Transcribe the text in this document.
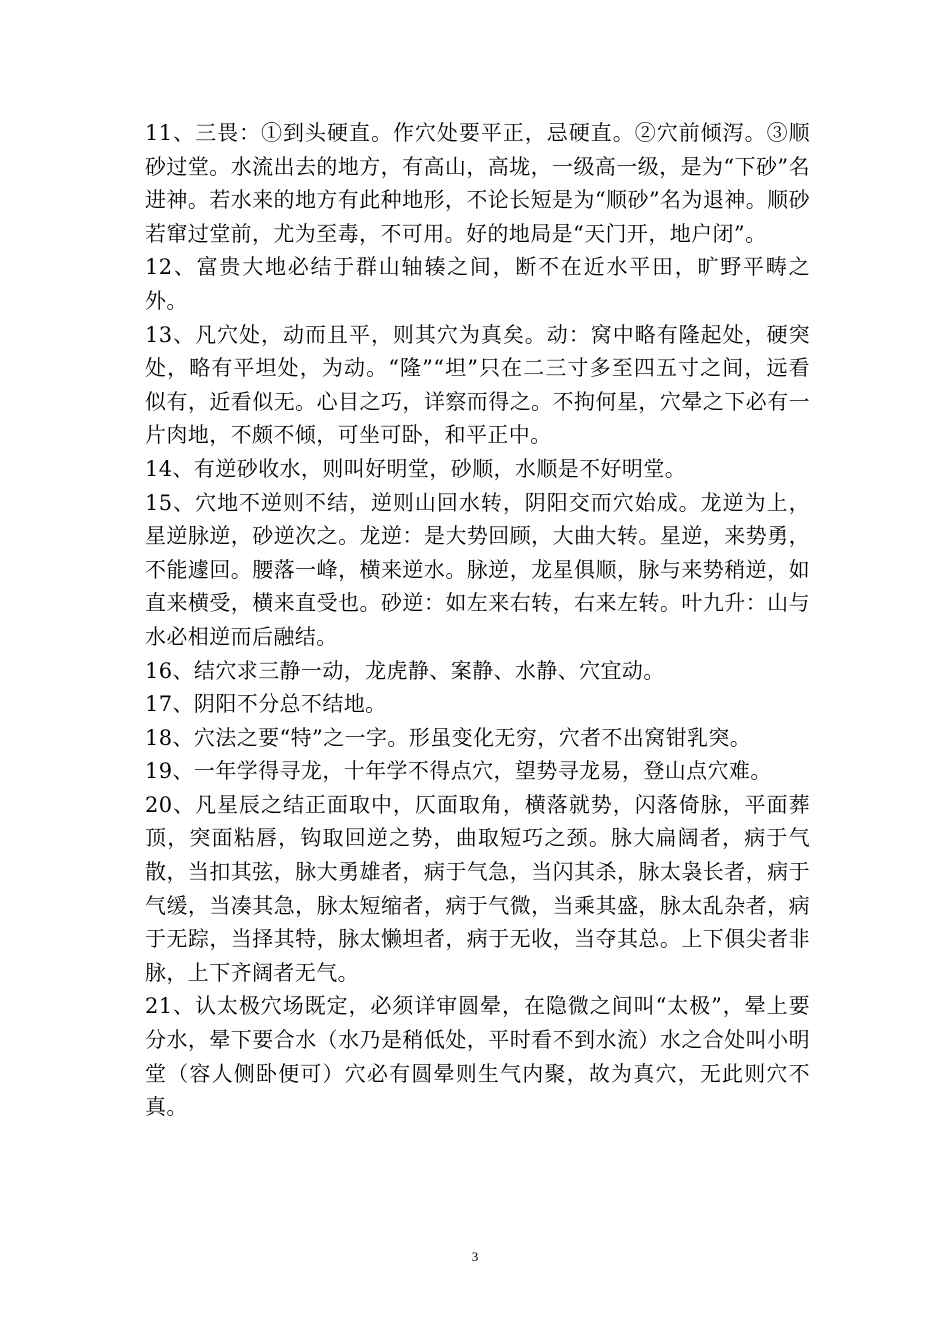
11、三畏：①到头硬直。作穴处要平正，忌硬直。②穴前倾泻。③顺砂过堂。水流出去的地方，有高山，高垅，一级高一级，是为“下砂”名进神。若水来的地方有此种地形，不论长短是为“顺砂”名为退神。顺砂若窜过堂前，尤为至毒，不可用。好的地局是“天门开，地户闭”。

12、富贵大地必结于群山轴辏之间，断不在近水平田，旷野平畴之外。

13、凡穴处，动而且平，则其穴为真矣。动：窝中略有隆起处，硬突处，略有平坦处，为动。“隆”“坦”只在二三寸多至四五寸之间，远看似有，近看似无。心目之巧，详察而得之。不拘何星，穴晕之下必有一片肉地，不颇不倾，可坐可卧，和平正中。

14、有逆砂收水，则叫好明堂，砂顺，水顺是不好明堂。

15、穴地不逆则不结，逆则山回水转，阴阳交而穴始成。龙逆为上，星逆脉逆，砂逆次之。龙逆：是大势回顾，大曲大转。星逆，来势勇，不能遽回。腰落一峰，横来逆水。脉逆，龙星俱顺，脉与来势稍逆，如直来横受，横来直受也。砂逆：如左来右转，右来左转。叶九升：山与水必相逆而后融结。

16、结穴求三静一动，龙虎静、案静、水静、穴宜动。

17、阴阳不分总不结地。

18、穴法之要“特”之一字。形虽变化无穷，穴者不出窝钳乳突。

19、一年学得寻龙，十年学不得点穴，望势寻龙易，登山点穴难。

20、凡星辰之结正面取中，仄面取角，横落就势，闪落倚脉，平面葬顶，突面粘唇，钩取回逆之势，曲取短巧之颈。脉大扁阔者，病于气散，当扣其弦，脉大勇雄者，病于气急，当闪其杀，脉太袅长者，病于气缓，当凑其急，脉太短缩者，病于气微，当乘其盛，脉太乱杂者，病于无踪，当择其特，脉太懒坦者，病于无收，当夺其总。上下俱尖者非脉，上下齐阔者无气。

21、认太极穴场既定，必须详审圆晕，在隐微之间叫“太极”，晕上要分水，晕下要合水（水乃是稍低处，平时看不到水流）水之合处叫小明堂（容人侧卧便可）穴必有圆晕则生气内聚，故为真穴，无此则穴不真。

3
